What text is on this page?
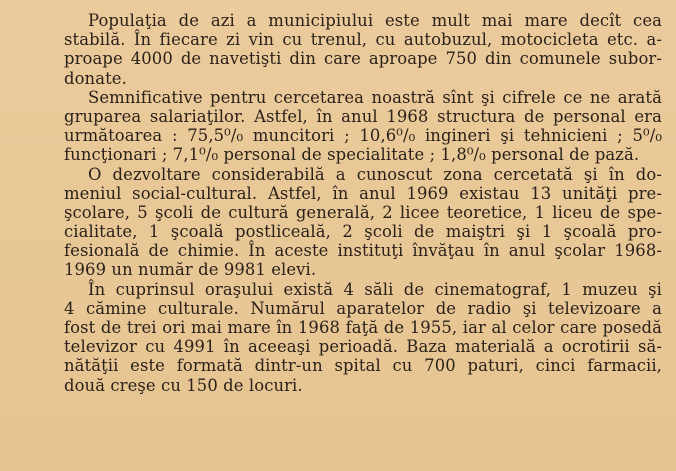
Populaţia de azi a municipiului este mult mai mare decît cea
stabilă. În fiecare zi vin cu trenul, cu autobuzul, motocicleta etc. a-
proape 4000 de navetişti din care aproape 750 din comunele subor-
donate.
Semnificative pentru cercetarea noastră sînt şi cifrele ce ne arată
gruparea salariaţilor. Astfel, în anul 1968 structura de personal era
următoarea : 75,5⁰/₀ muncitori ; 10,6⁰/₀ ingineri şi tehnicieni ; 5⁰/₀
funcţionari ; 7,1⁰/₀ personal de specialitate ; 1,8⁰/₀ personal de pază.
O dezvoltare considerabilă a cunoscut zona cercetată şi în do-
meniul social-cultural. Astfel, în anul 1969 existau 13 unităţi pre-
şcolare, 5 şcoli de cultură generală, 2 licee teoretice, 1 liceu de spe-
cialitate, 1 şcoală postliceală, 2 şcoli de maiştri şi 1 şcoală pro-
fesională de chimie. În aceste instituţi învăţau în anul şcolar 1968-
1969 un număr de 9981 elevi.
În cuprinsul oraşului există 4 săli de cinematograf, 1 muzeu şi
4 cămine culturale. Numărul aparatelor de radio şi televizoare a
fost de trei ori mai mare în 1968 faţă de 1955, iar al celor care posedă
televizor cu 4991 în aceeaşi perioadă. Baza materială a ocrotirii să-
nătăţii este formată dintr-un spital cu 700 paturi, cinci farmacii,
două creşe cu 150 de locuri.
